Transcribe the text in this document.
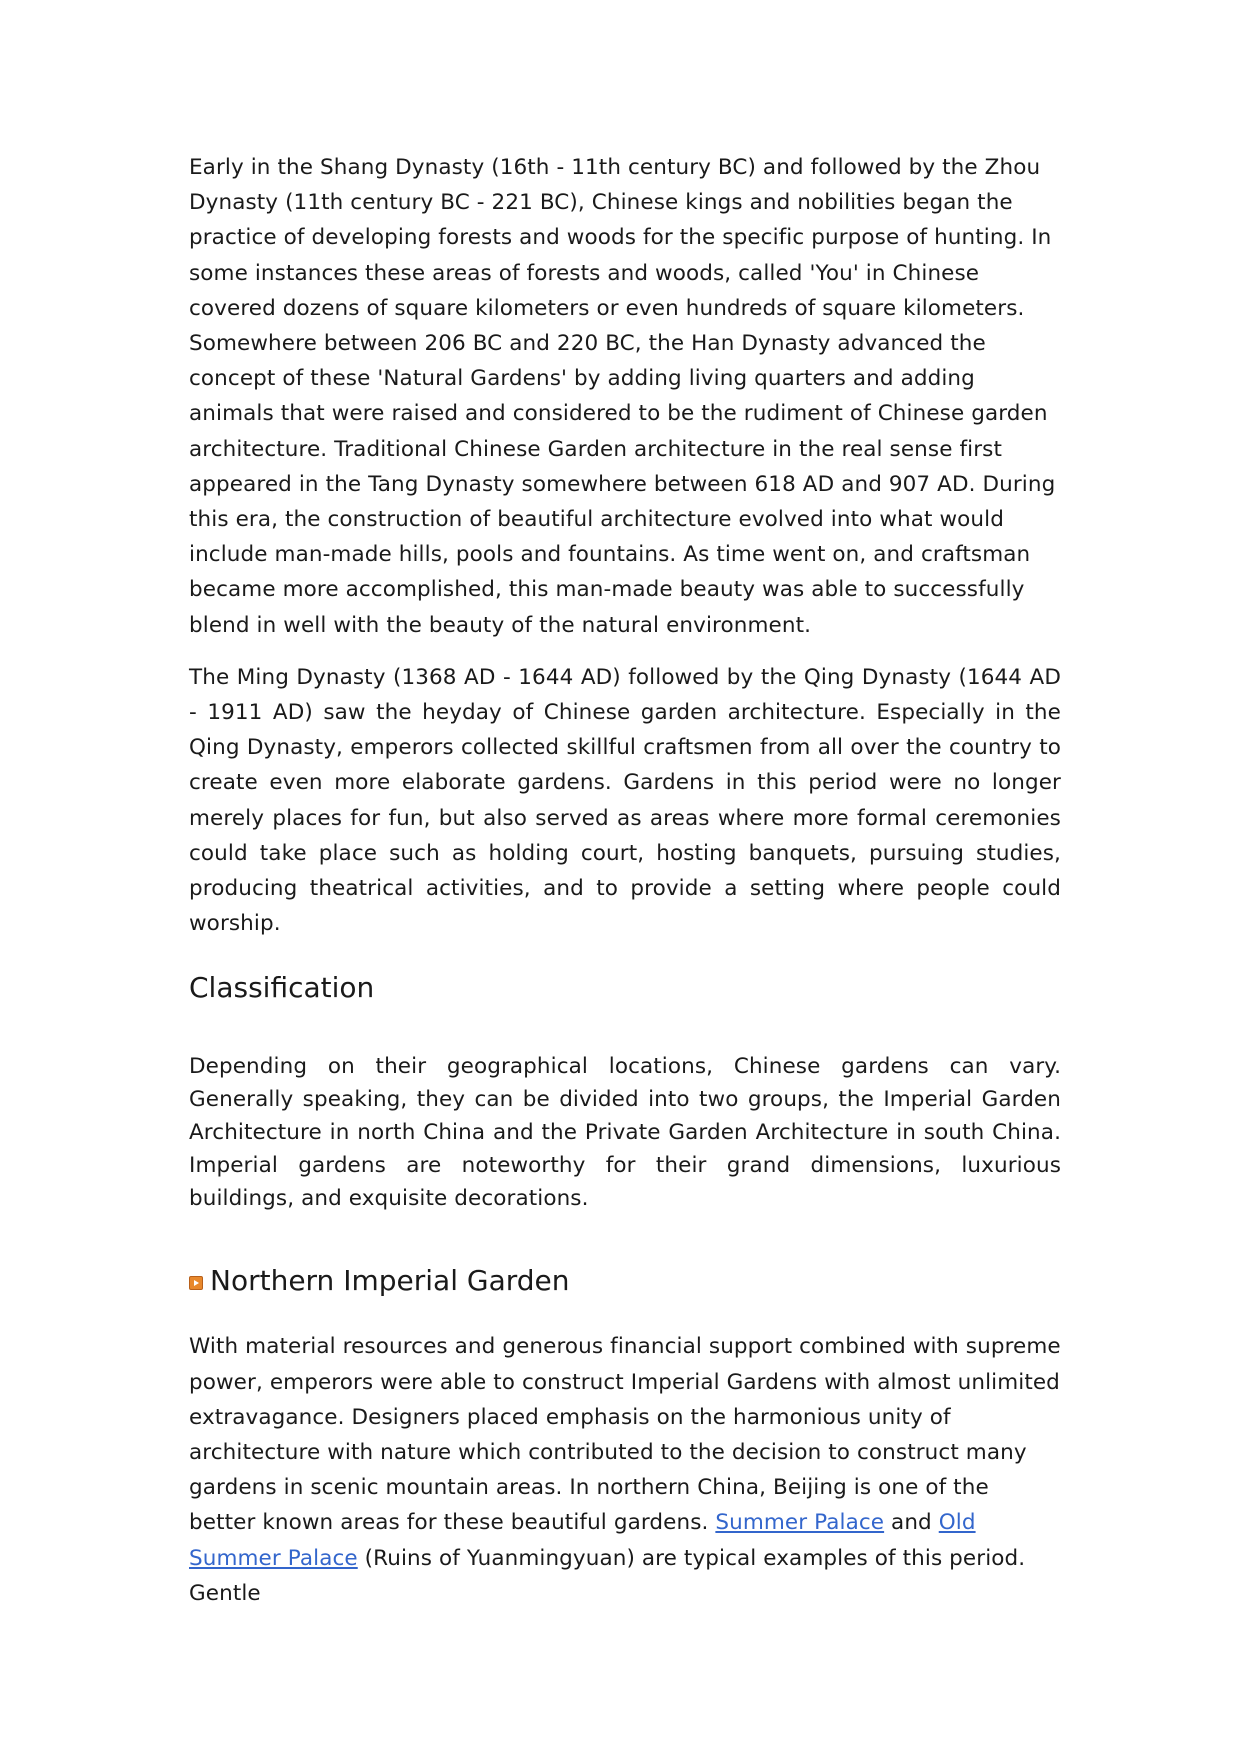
Early in the Shang Dynasty (16th - 11th century BC) and followed by the Zhou Dynasty (11th century BC - 221 BC), Chinese kings and nobilities began the practice of developing forests and woods for the specific purpose of hunting. In some instances these areas of forests and woods, called 'You' in Chinese covered dozens of square kilometers or even hundreds of square kilometers. Somewhere between 206 BC and 220 BC, the Han Dynasty advanced the concept of these 'Natural Gardens' by adding living quarters and adding animals that were raised and considered to be the rudiment of Chinese garden architecture. Traditional Chinese Garden architecture in the real sense first appeared in the Tang Dynasty somewhere between 618 AD and 907 AD. During this era, the construction of beautiful architecture evolved into what would include man-made hills, pools and fountains. As time went on, and craftsman became more accomplished, this man-made beauty was able to successfully blend in well with the beauty of the natural environment.

The Ming Dynasty (1368 AD - 1644 AD) followed by the Qing Dynasty (1644 AD - 1911 AD) saw the heyday of Chinese garden architecture. Especially in the Qing Dynasty, emperors collected skillful craftsmen from all over the country to create even more elaborate gardens. Gardens in this period were no longer merely places for fun, but also served as areas where more formal ceremonies could take place such as holding court, hosting banquets, pursuing studies, producing theatrical activities, and to provide a setting where people could worship.

Classification

Depending on their geographical locations, Chinese gardens can vary. Generally speaking, they can be divided into two groups, the Imperial Garden Architecture in north China and the Private Garden Architecture in south China. Imperial gardens are noteworthy for their grand dimensions, luxurious buildings, and exquisite decorations.

Northern Imperial Garden

With material resources and generous financial support combined with supreme power, emperors were able to construct Imperial Gardens with almost unlimited extravagance. Designers placed emphasis on the harmonious unity of architecture with nature which contributed to the decision to construct many gardens in scenic mountain areas. In northern China, Beijing is one of the better known areas for these beautiful gardens. Summer Palace and Old Summer Palace (Ruins of Yuanmingyuan) are typical examples of this period. Gentle
